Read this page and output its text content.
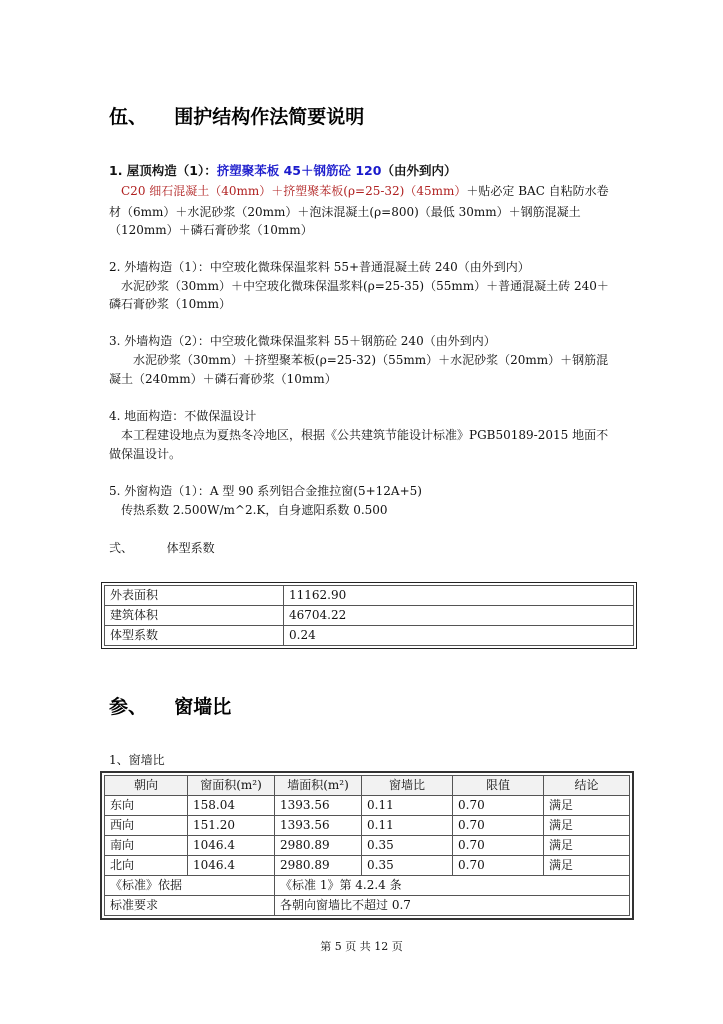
伍、 围护结构作法简要说明
1. 屋顶构造（1）：挤塑聚苯板 45＋钢筋砼 120（由外到内）
C20 细石混凝土（40mm）＋挤塑聚苯板(ρ=25-32)（45mm）＋贴必定 BAC 自粘防水卷
材（6mm）＋水泥砂浆（20mm）＋泡沫混凝土(ρ=800)（最低 30mm）＋钢筋混凝土
（120mm）＋磷石膏砂浆（10mm）
2. 外墙构造（1）：中空玻化微珠保温浆料 55+普通混凝土砖 240（由外到内）
水泥砂浆（30mm）＋中空玻化微珠保温浆料(ρ=25-35)（55mm）＋普通混凝土砖 240＋
磷石膏砂浆（10mm）
3. 外墙构造（2）：中空玻化微珠保温浆料 55＋钢筋砼 240（由外到内）
水泥砂浆（30mm）＋挤塑聚苯板(ρ=25-32)（55mm）＋水泥砂浆（20mm）＋钢筋混
凝土（240mm）＋磷石膏砂浆（10mm）
4. 地面构造：不做保温设计
本工程建设地点为夏热冬冷地区，根据《公共建筑节能设计标准》PGB50189-2015 地面不
做保温设计。
5. 外窗构造（1）：A 型 90 系列铝合金推拉窗(5+12A+5)
传热系数 2.500W/m^2.K，自身遮阳系数 0.500
弍、	体型系数
外表面积	11162.90
建筑体积	46704.22
体型系数	0.24
参、 窗墙比
1、窗墙比
朝向	窗面积(m²)	墙面积(m²)	窗墙比	限值	结论
东向	158.04	1393.56	0.11	0.70	满足
西向	151.20	1393.56	0.11	0.70	满足
南向	1046.4	2980.89	0.35	0.70	满足
北向	1046.4	2980.89	0.35	0.70	满足
《标准》依据		《标准 1》第 4.2.4 条			
标准要求		各朝向窗墙比不超过 0.7			
第 5 页 共 12 页
